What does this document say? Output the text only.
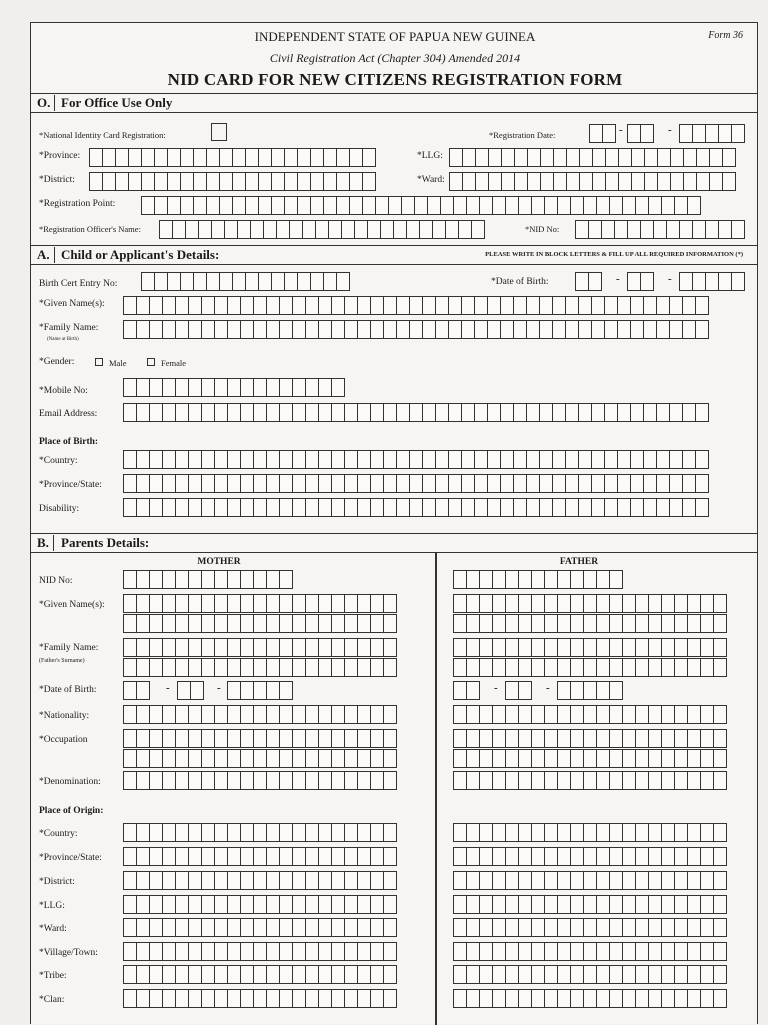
INDEPENDENT STATE OF PAPUA NEW GUINEA	Form 36
Civil Registration Act (Chapter 304) Amended 2014
NID CARD FOR NEW CITIZENS REGISTRATION FORM
O. For Office Use Only
*National Identity Card Registration:	*Registration Date:	-	-
*Province:	*LLG:
*District:	*Ward:
*Registration Point:
*Registration Officer's Name:	*NID No:
A. Child or Applicant's Details:	PLEASE WRITE IN BLOCK LETTERS & FILL UP ALL REQUIRED INFORMATION (*)
Birth Cert Entry No:	*Date of Birth:	-	-
*Given Name(s):
*Family Name:
(Name at Birth)
*Gender:	Male	Female
*Mobile No:
Email Address:
Place of Birth:
*Country:
*Province/State:
Disability:
B. Parents Details:
MOTHER	FATHER
NID No:
*Given Name(s):
*Family Name:
(Father's Surname)
*Date of Birth:
*Nationality:
*Occupation
*Denomination:
Place of Origin:
*Country:
*Province/State:
*District:
*LLG:
*Ward:
*Village/Town:
*Tribe:
*Clan:
-	-	-	-
